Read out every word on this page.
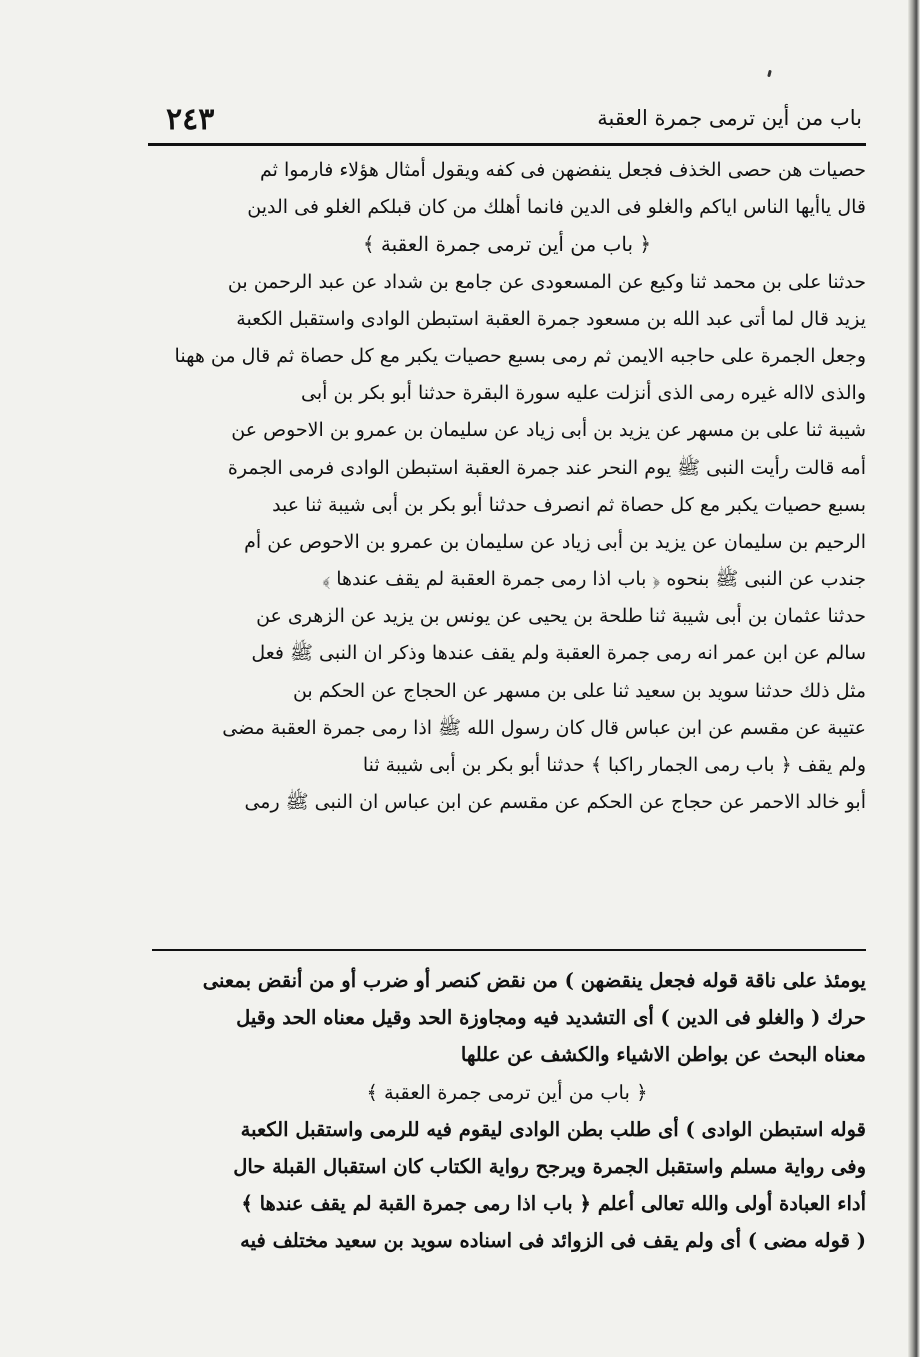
٢٤٣	باب من أين ترمى جمرة العقبة
حصيات هن حصى الخذف فجعل ينفضهن فى كفه ويقول أمثال هؤلاء فارموا ثم
قال ياأيها الناس اياكم والغلو فى الدين فانما أهلك من كان قبلكم الغلو فى الدين
﴿ باب من أين ترمى جمرة العقبة ﴾
حدثنا على بن محمد ثنا وكيع عن المسعودى عن جامع بن شداد عن عبد الرحمن بن
يزيد قال لما أتى عبد الله بن مسعود جمرة العقبة استبطن الوادى واستقبل الكعبة
وجعل الجمرة على حاجبه الايمن ثم رمى بسبع حصيات يكبر مع كل حصاة ثم قال من ههنا
والذى لااله غيره رمى الذى أنزلت عليه سورة البقرة حدثنا أبو بكر بن أبى
شيبة ثنا على بن مسهر عن يزيد بن أبى زياد عن سليمان بن عمرو بن الاحوص عن
أمه قالت رأيت النبى ﷺ يوم النحر عند جمرة العقبة استبطن الوادى فرمى الجمرة
بسبع حصيات يكبر مع كل حصاة ثم انصرف حدثنا أبو بكر بن أبى شيبة ثنا عبد
الرحيم بن سليمان عن يزيد بن أبى زياد عن سليمان بن عمرو بن الاحوص عن أم
جندب عن النبى ﷺ بنحوه ﴿ باب اذا رمى جمرة العقبة لم يقف عندها ﴾
حدثنا عثمان بن أبى شيبة ثنا طلحة بن يحيى عن يونس بن يزيد عن الزهرى عن
سالم عن ابن عمر انه رمى جمرة العقبة ولم يقف عندها وذكر ان النبى ﷺ فعل
مثل ذلك حدثنا سويد بن سعيد ثنا على بن مسهر عن الحجاج عن الحكم بن
عتيبة عن مقسم عن ابن عباس قال كان رسول الله ﷺ اذا رمى جمرة العقبة مضى
ولم يقف ﴿ باب رمى الجمار راكبا ﴾ حدثنا أبو بكر بن أبى شيبة ثنا
أبو خالد الاحمر عن حجاج عن الحكم عن مقسم عن ابن عباس ان النبى ﷺ رمى
يومئذ على ناقة قوله فجعل ينقضهن ) من نقض كنصر أو ضرب أو من أنقض بمعنى
حرك ( والغلو فى الدين ) أى التشديد فيه ومجاوزة الحد وقيل معناه الحد وقيل
معناه البحث عن بواطن الاشياء والكشف عن عللها
﴿ باب من أين ترمى جمرة العقبة ﴾
قوله استبطن الوادى ) أى طلب بطن الوادى ليقوم فيه للرمى واستقبل الكعبة
وفى رواية مسلم واستقبل الجمرة ويرجح رواية الكتاب كان استقبال القبلة حال
أداء العبادة أولى والله تعالى أعلم ﴿ باب اذا رمى جمرة القبة لم يقف عندها ﴾
( قوله مضى ) أى ولم يقف فى الزوائد فى اسناده سويد بن سعيد مختلف فيه
